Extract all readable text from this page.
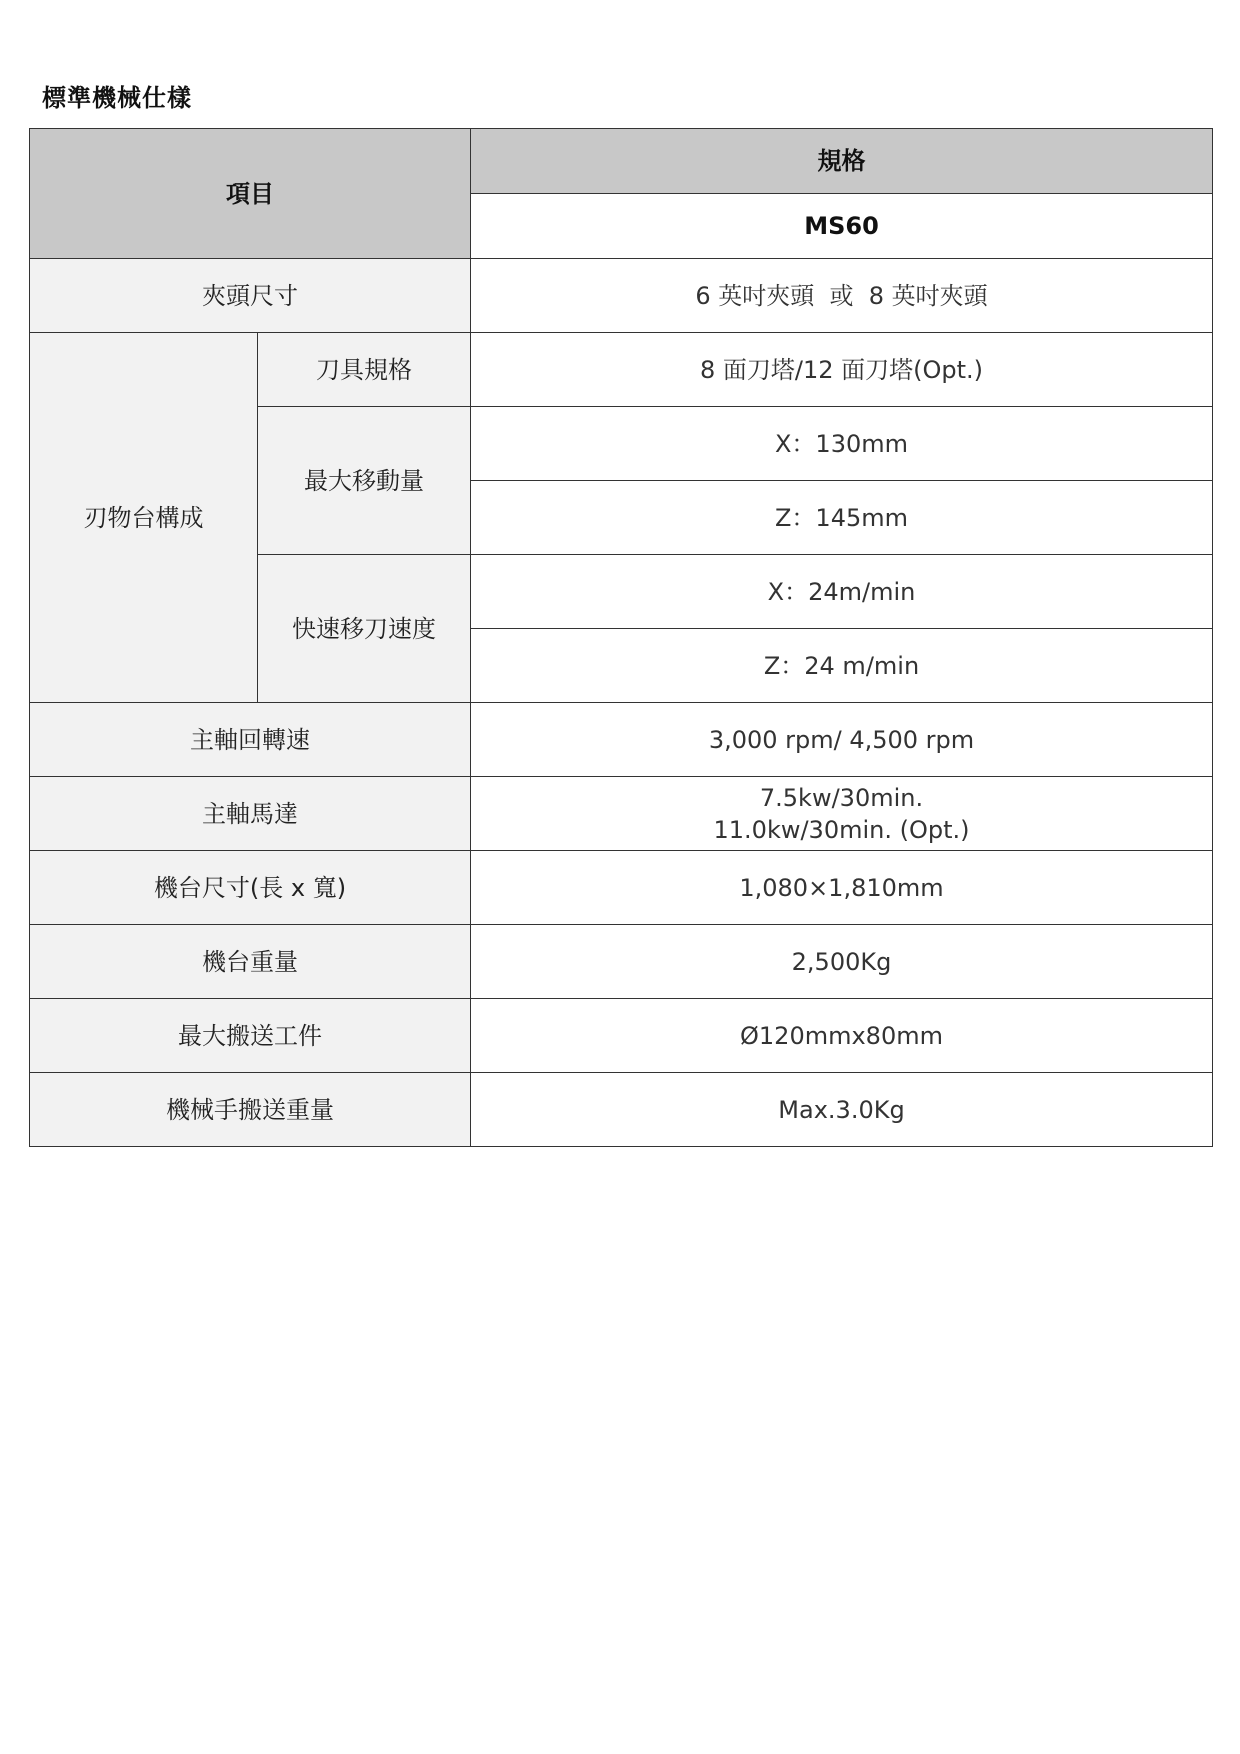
標準機械仕樣
項目		規格
		MS60
夾頭尺寸		6 英吋夾頭  或  8 英吋夾頭
刃物台構成	刀具規格	8 面刀塔/12 面刀塔(Opt.)
	最大移動量	X：130mm
		Z：145mm
	快速移刀速度	X：24m/min
		Z：24 m/min
主軸回轉速		3,000 rpm/ 4,500 rpm
主軸馬達		7.5kw/30min.
11.0kw/30min. (Opt.)

機台尺寸(長 x 寬)		1,080×1,810mm
機台重量		2,500Kg
最大搬送工件		Ø120mmx80mm
機械手搬送重量		Max.3.0Kg
